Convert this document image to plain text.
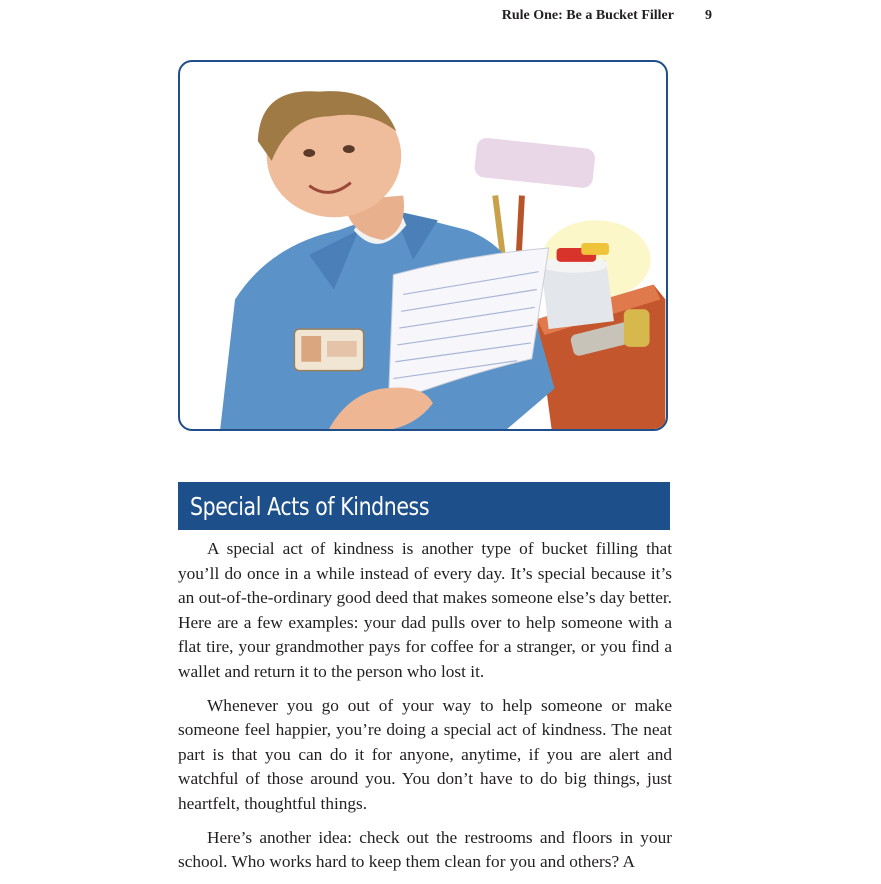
Rule One: Be a Bucket Filler 9
Special Acts of Kindness

A special act of kindness is another type of bucket filling that you’ll do once in a while instead of every day. It’s special because it’s an out-of-the-ordinary good deed that makes someone else’s day better. Here are a few examples: your dad pulls over to help someone with a flat tire, your grandmother pays for coffee for a stranger, or you find a wallet and return it to the person who lost it.

Whenever you go out of your way to help someone or make someone feel happier, you’re doing a special act of kindness. The neat part is that you can do it for anyone, anytime, if you are alert and watchful of those around you. You don’t have to do big things, just heartfelt, thoughtful things.

Here’s another idea: check out the restrooms and floors in your school. Who works hard to keep them clean for you and others? A
